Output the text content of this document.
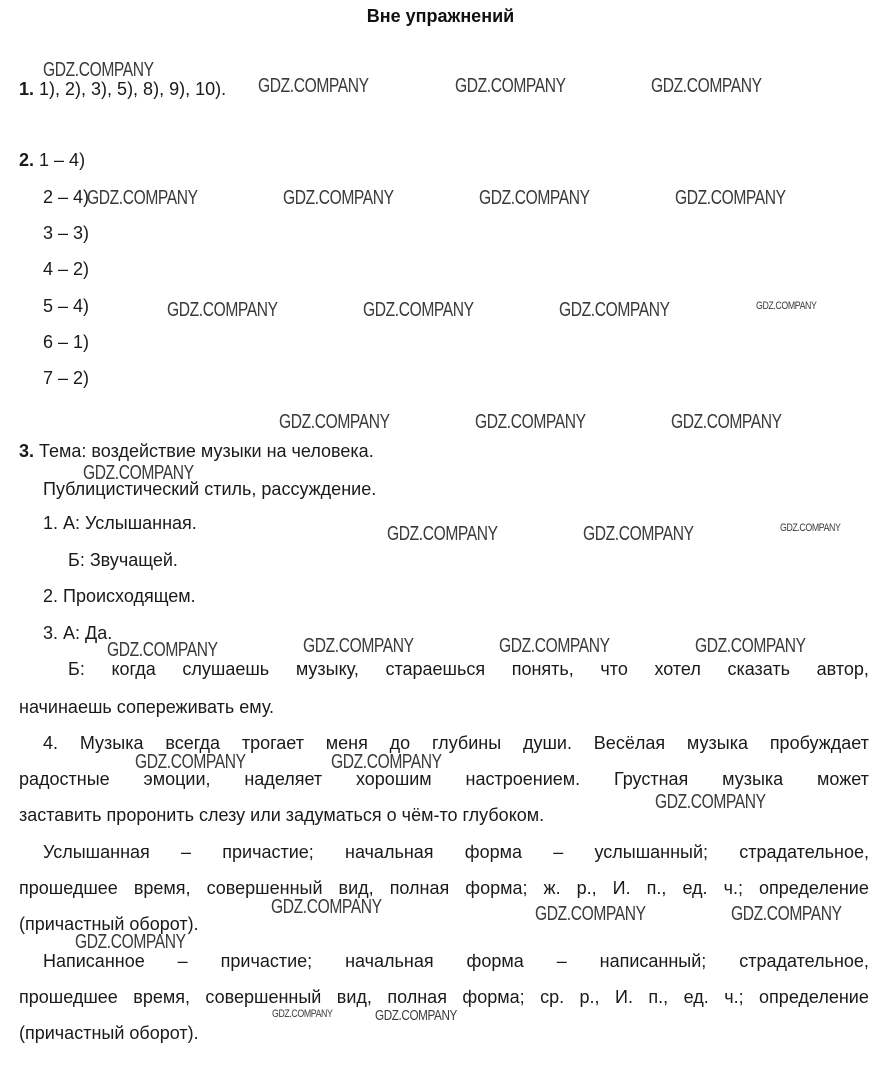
Вне упражнений
1. 1), 2), 3), 5), 8), 9), 10).
2. 1 – 4)
2 – 4)
3 – 3)
4 – 2)
5 – 4)
6 – 1)
7 – 2)
3. Тема: воздействие музыки на человека.
Публицистический стиль, рассуждение.
1. А: Услышанная.
Б: Звучащей.
2. Происходящем.
3. А: Да.
Б: когда слушаешь музыку, стараешься понять, что хотел сказать автор,
начинаешь сопереживать ему.
4. Музыка всегда трогает меня до глубины души. Весёлая музыка пробуждает
радостные эмоции, наделяет хорошим настроением. Грустная музыка может
заставить проронить слезу или задуматься о чём-то глубоком.
Услышанная – причастие; начальная форма – услышанный; страдательное,
прошедшее время, совершенный вид, полная форма; ж. р., И. п., ед. ч.; определение
(причастный оборот).
Написанное – причастие; начальная форма – написанный; страдательное,
прошедшее время, совершенный вид, полная форма; ср. р., И. п., ед. ч.; определение
(причастный оборот).
GDZ.COMPANY
GDZ.COMPANY	GDZ.COMPANY	GDZ.COMPANY
GDZ.COMPANY	GDZ.COMPANY	GDZ.COMPANY	GDZ.COMPANY
GDZ.COMPANY	GDZ.COMPANY	GDZ.COMPANY	GDZ.COMPANY
GDZ.COMPANY	GDZ.COMPANY	GDZ.COMPANY
GDZ.COMPANY
GDZ.COMPANY	GDZ.COMPANY	GDZ.COMPANY
GDZ.COMPANY	GDZ.COMPANY	GDZ.COMPANY	GDZ.COMPANY
GDZ.COMPANY	GDZ.COMPANY
GDZ.COMPANY
GDZ.COMPANY	GDZ.COMPANY	GDZ.COMPANY
GDZ.COMPANY
GDZ.COMPANY	GDZ.COMPANY
